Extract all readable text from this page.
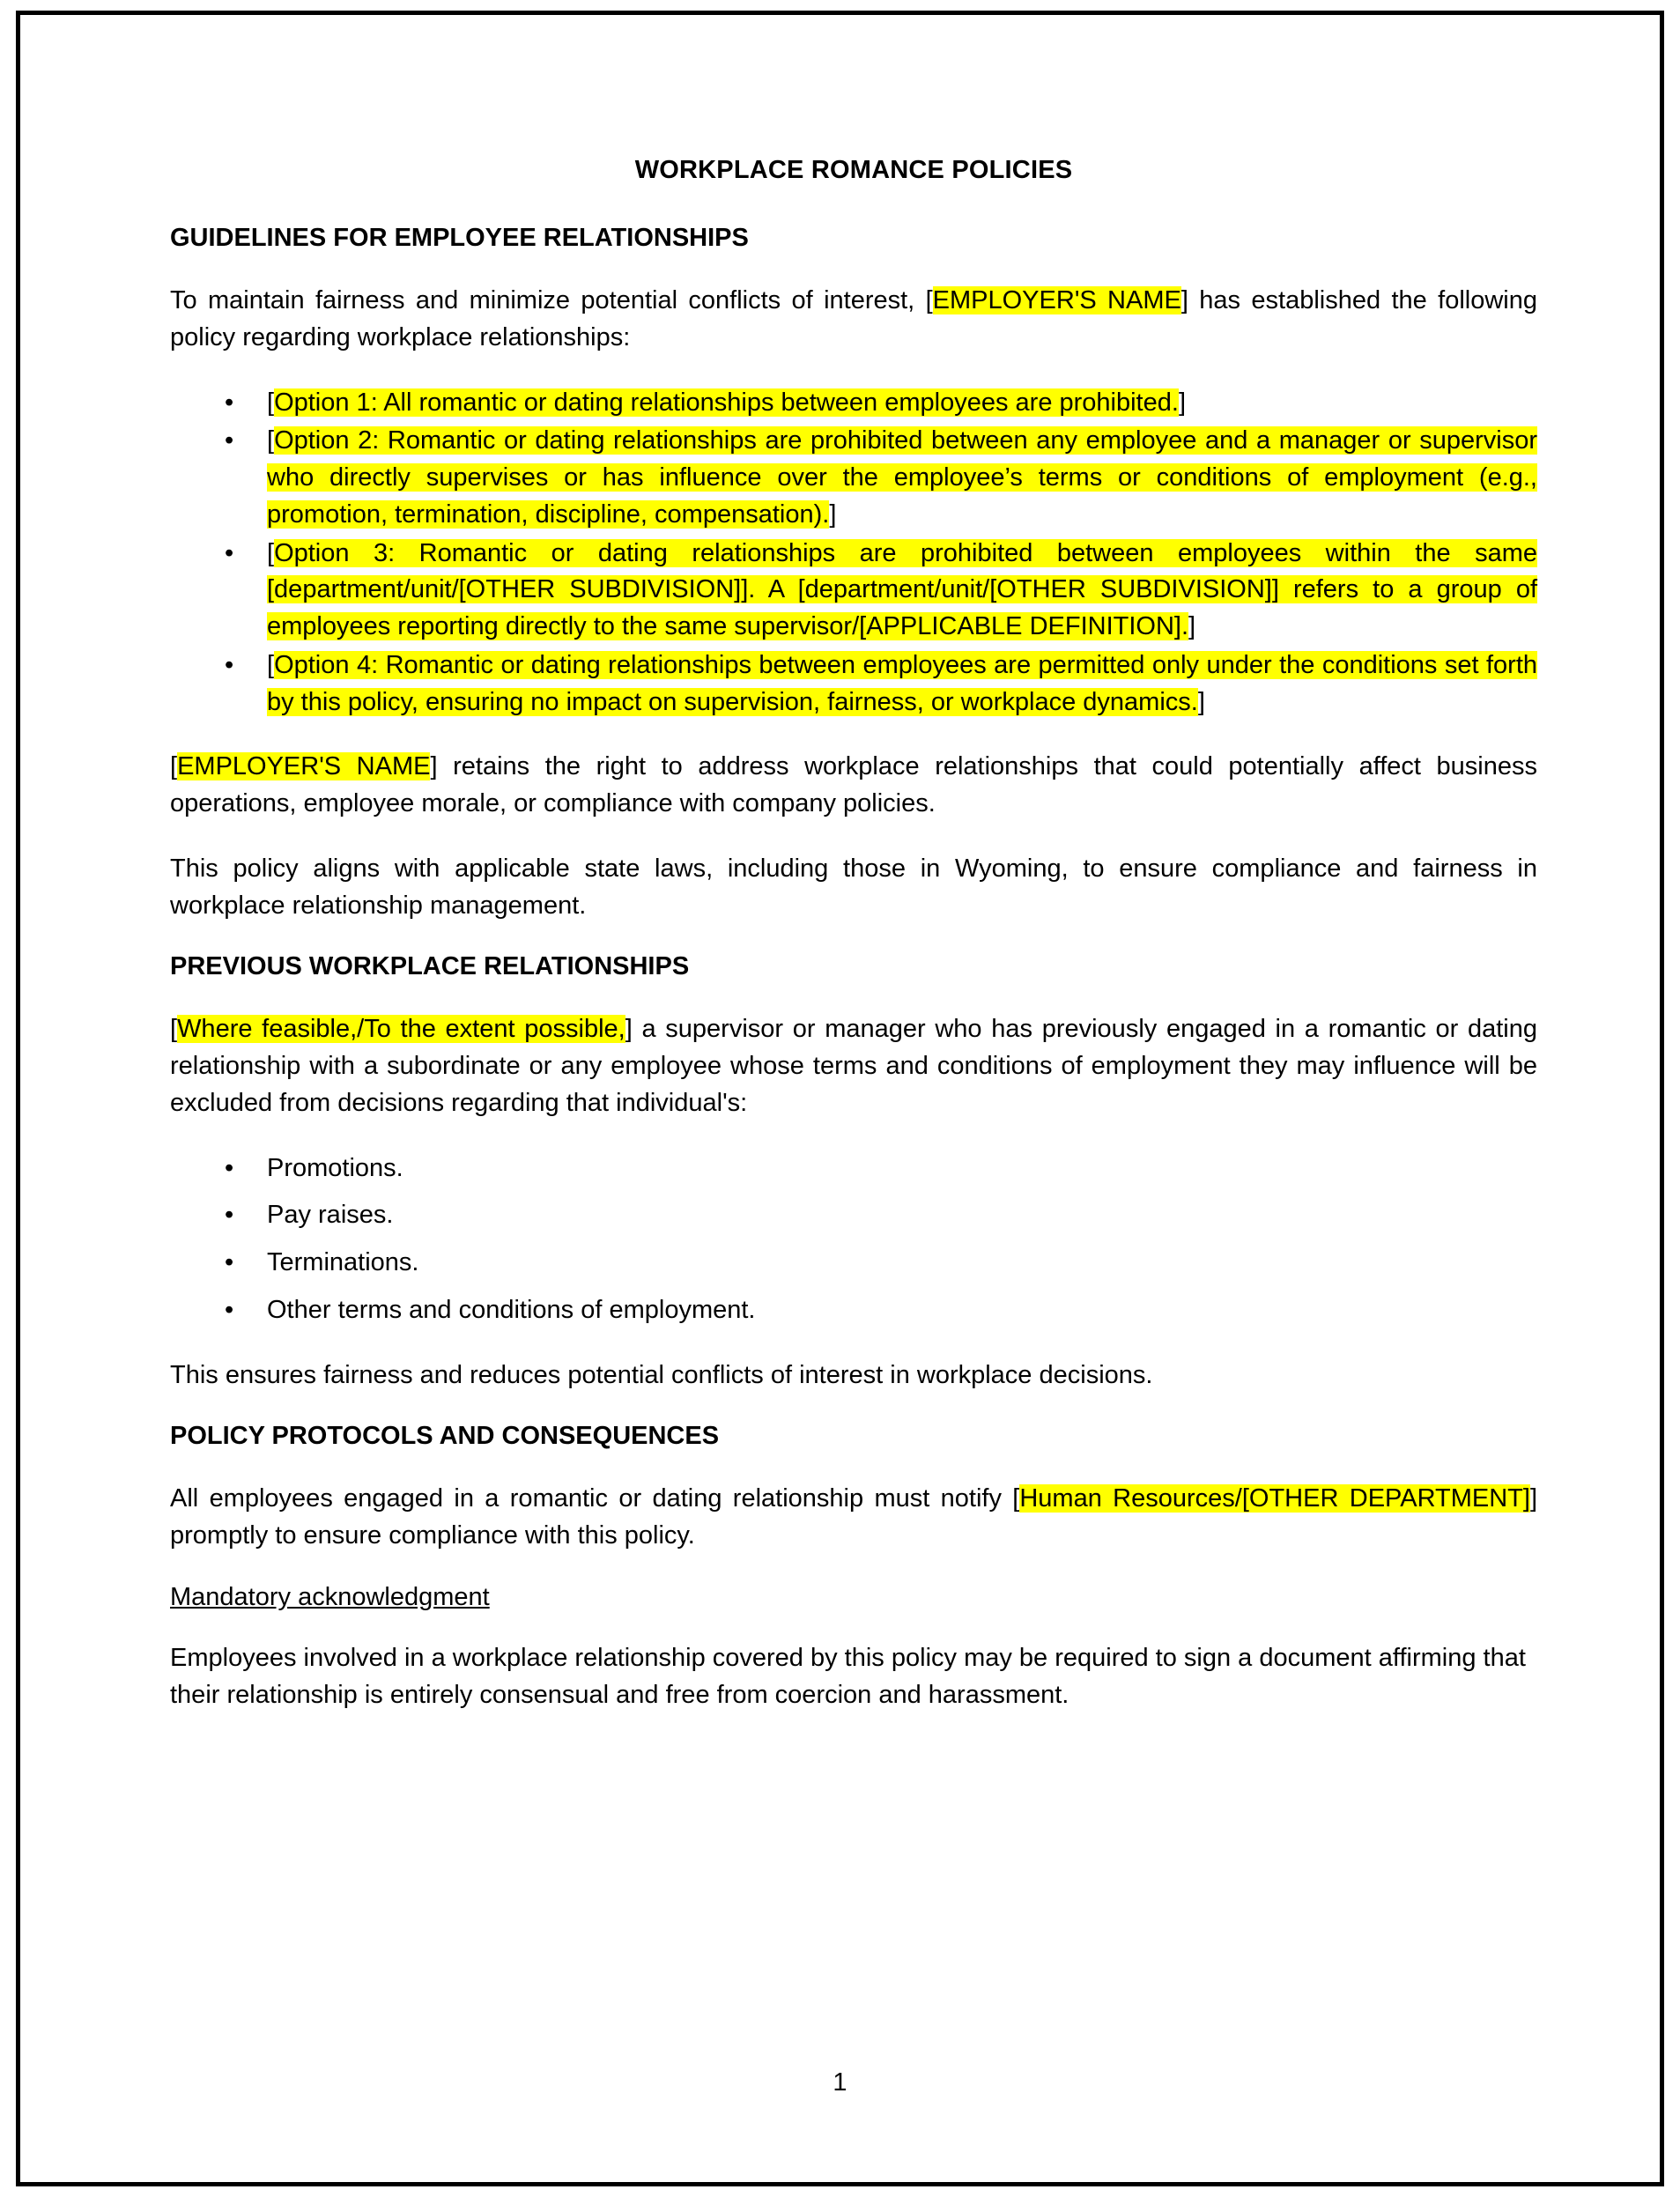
WORKPLACE ROMANCE POLICIES
GUIDELINES FOR EMPLOYEE RELATIONSHIPS

To maintain fairness and minimize potential conflicts of interest, [EMPLOYER'S NAME] has established the following policy regarding workplace relationships:

• [Option 1: All romantic or dating relationships between employees are prohibited.]
• [Option 2: Romantic or dating relationships are prohibited between any employee and a manager or supervisor who directly supervises or has influence over the employee’s terms or conditions of employment (e.g., promotion, termination, discipline, compensation).]
• [Option 3: Romantic or dating relationships are prohibited between employees within the same [department/unit/[OTHER SUBDIVISION]]. A [department/unit/[OTHER SUBDIVISION]] refers to a group of employees reporting directly to the same supervisor/[APPLICABLE DEFINITION].]
• [Option 4: Romantic or dating relationships between employees are permitted only under the conditions set forth by this policy, ensuring no impact on supervision, fairness, or workplace dynamics.]

[EMPLOYER'S NAME] retains the right to address workplace relationships that could potentially affect business operations, employee morale, or compliance with company policies.

This policy aligns with applicable state laws, including those in Wyoming, to ensure compliance and fairness in workplace relationship management.

PREVIOUS WORKPLACE RELATIONSHIPS

[Where feasible,/To the extent possible,] a supervisor or manager who has previously engaged in a romantic or dating relationship with a subordinate or any employee whose terms and conditions of employment they may influence will be excluded from decisions regarding that individual's:

• Promotions.
• Pay raises.
• Terminations.
• Other terms and conditions of employment.

This ensures fairness and reduces potential conflicts of interest in workplace decisions.

POLICY PROTOCOLS AND CONSEQUENCES

All employees engaged in a romantic or dating relationship must notify [Human Resources/[OTHER DEPARTMENT]] promptly to ensure compliance with this policy.

Mandatory acknowledgment

Employees involved in a workplace relationship covered by this policy may be required to sign a document affirming that their relationship is entirely consensual and free from coercion and harassment.

1
